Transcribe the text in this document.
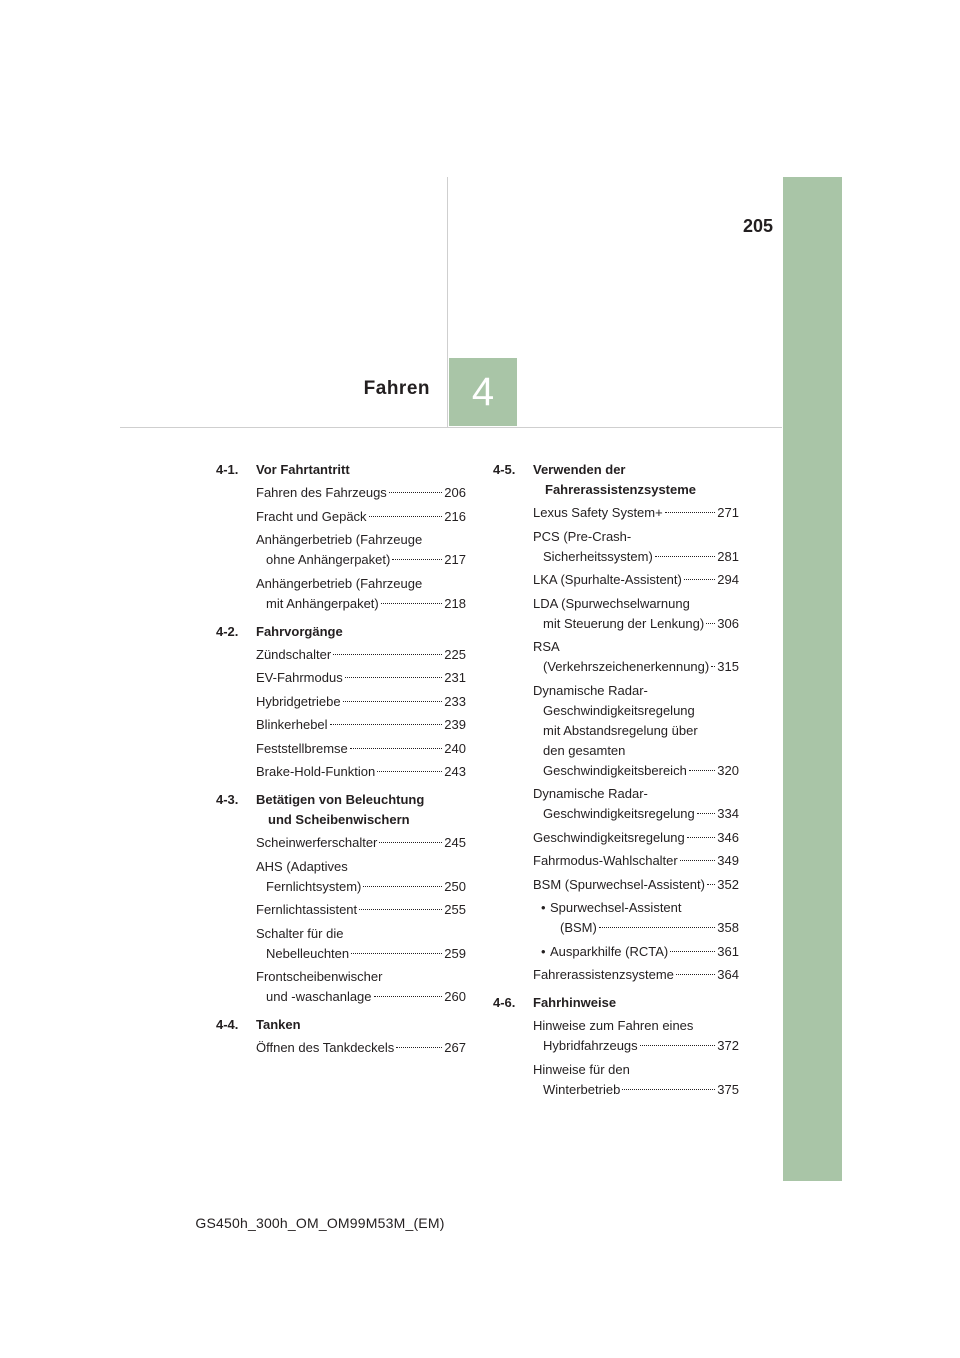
205
Fahren	4
4-1.	Vor Fahrtantritt
Fahren des Fahrzeugs	206
Fracht und Gepäck	216
Anhängerbetrieb (Fahrzeuge
ohne Anhängerpaket)	217
Anhängerbetrieb (Fahrzeuge
mit Anhängerpaket)	218
4-2.	Fahrvorgänge
Zündschalter	225
EV-Fahrmodus	231
Hybridgetriebe	233
Blinkerhebel	239
Feststellbremse	240
Brake-Hold-Funktion	243
4-3.	Betätigen von Beleuchtung
und Scheibenwischern
Scheinwerferschalter	245
AHS (Adaptives
Fernlichtsystem)	250
Fernlichtassistent	255
Schalter für die
Nebelleuchten	259
Frontscheibenwischer
und -waschanlage	260
4-4.	Tanken
Öffnen des Tankdeckels	267
4-5.	Verwenden der
Fahrerassistenzsysteme
Lexus Safety System+	271
PCS (Pre-Crash-
Sicherheitssystem)	281
LKA (Spurhalte-Assistent)	294
LDA (Spurwechselwarnung
mit Steuerung der Lenkung) 306
RSA
(Verkehrszeichenerkennung) 315
Dynamische Radar-
Geschwindigkeitsregelung
mit Abstandsregelung über
den gesamten
Geschwindigkeitsbereich 320
Dynamische Radar-
Geschwindigkeitsregelung 334
Geschwindigkeitsregelung	346
Fahrmodus-Wahlschalter	349
BSM (Spurwechsel-Assistent) 352
• Spurwechsel-Assistent
(BSM)	358
• Ausparkhilfe (RCTA)	361
Fahrerassistenzsysteme	364
4-6.	Fahrhinweise
Hinweise zum Fahren eines
Hybridfahrzeugs	372
Hinweise für den
Winterbetrieb	375
GS450h_300h_OM_OM99M53M_(EM)
